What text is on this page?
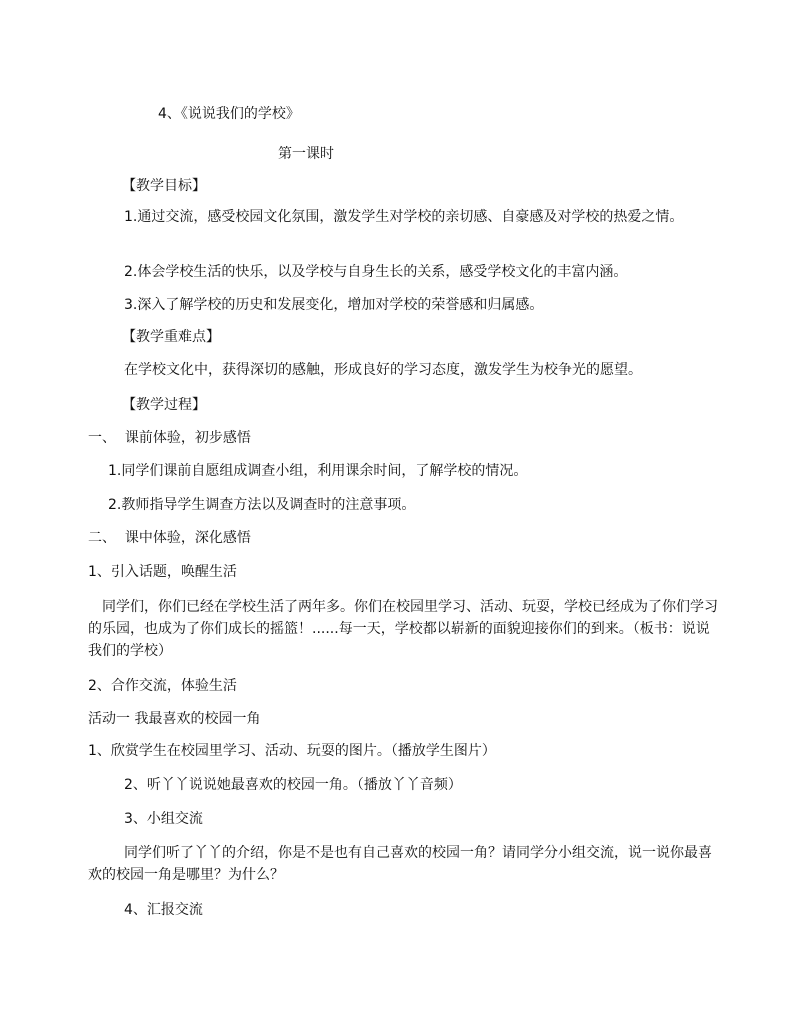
4、《说说我们的学校》
第一课时
【教学目标】
1.通过交流，感受校园文化氛围，激发学生对学校的亲切感、自豪感及对学校的热爱之情。
2.体会学校生活的快乐，以及学校与自身生长的关系，感受学校文化的丰富内涵。
3.深入了解学校的历史和发展变化，增加对学校的荣誉感和归属感。
【教学重难点】
在学校文化中，获得深切的感触，形成良好的学习态度，激发学生为校争光的愿望。
【教学过程】
一、  课前体验，初步感悟
1.同学们课前自愿组成调查小组，利用课余时间，了解学校的情况。
2.教师指导学生调查方法以及调查时的注意事项。
二、  课中体验，深化感悟
1、引入话题，唤醒生活
同学们，你们已经在学校生活了两年多。你们在校园里学习、活动、玩耍，学校已经成为了你们学习的乐园，也成为了你们成长的摇篮！......每一天，学校都以崭新的面貌迎接你们的到来。（板书：说说我们的学校）
2、合作交流，体验生活
活动一 我最喜欢的校园一角
1、欣赏学生在校园里学习、活动、玩耍的图片。（播放学生图片）
2、听丫丫说说她最喜欢的校园一角。（播放丫丫音频）
3、小组交流
同学们听了丫丫的介绍，你是不是也有自己喜欢的校园一角？请同学分小组交流，说一说你最喜欢的校园一角是哪里？为什么？
4、汇报交流
